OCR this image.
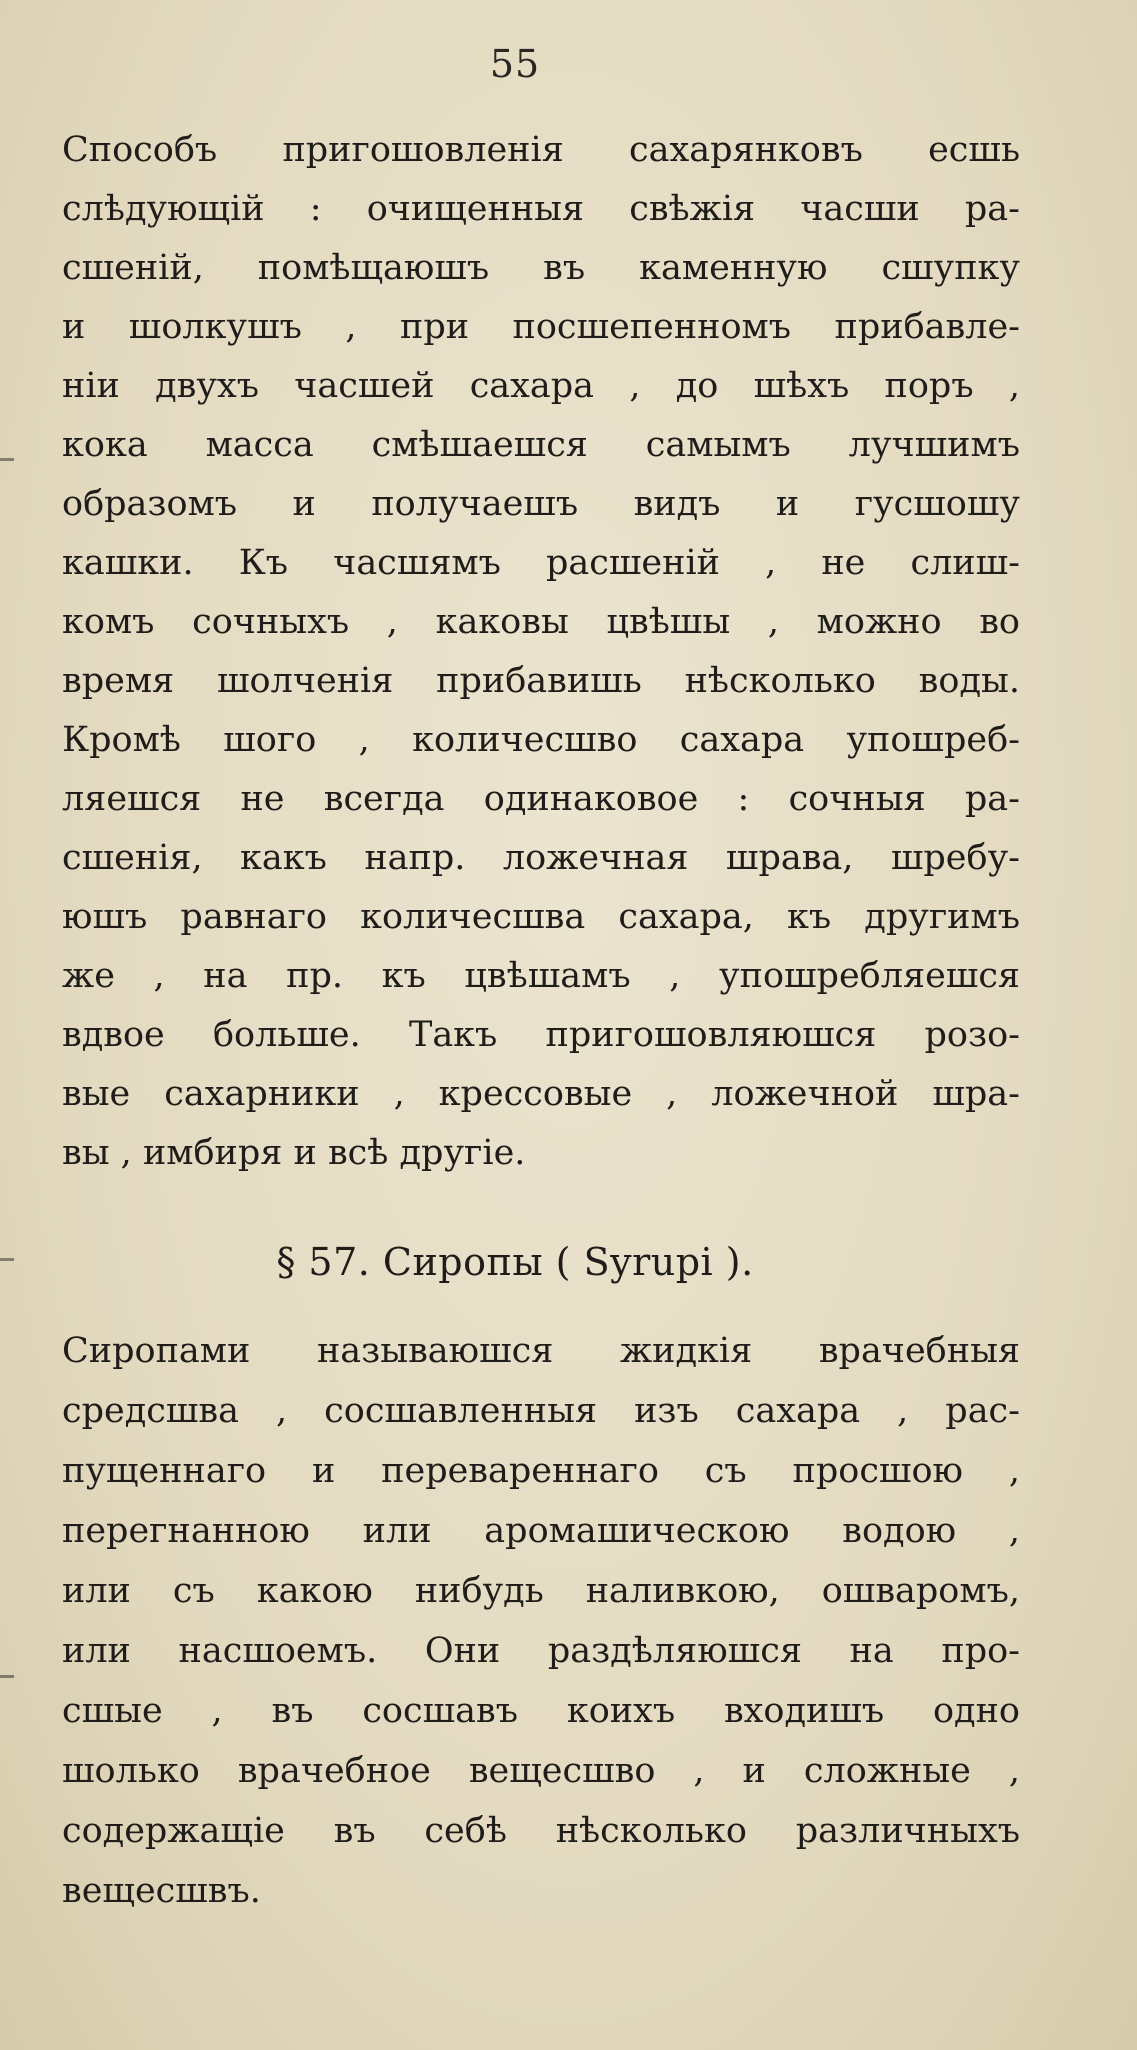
55
Способъ пригошовленія сахарянковъ есшь
слѣдующій : очищенныя свѣжія часши ра-
сшеній, помѣщаюшъ въ каменную сшупку
и шолкушъ , при посшепенномъ прибавле-
ніи двухъ часшей сахара , до шѣхъ поръ ,
кока масса смѣшаешся самымъ лучшимъ
образомъ и получаешъ видъ и гусшошу
кашки. Къ часшямъ расшеній , не слиш-
комъ сочныхъ , каковы цвѣшы , можно во
время шолченія прибавишь нѣсколько воды.
Кромѣ шого , количесшво сахара упошреб-
ляешся не всегда одинаковое : сочныя ра-
сшенія, какъ напр. ложечная шрава, шребу-
юшъ равнаго количесшва сахара, къ другимъ
же , на пр. къ цвѣшамъ , упошребляешся
вдвое больше. Такъ пригошовляюшся розо-
вые сахарники , крессовые , ложечной шра-
вы , имбиря и всѣ другіе.
§ 57. Сиропы ( Syrupi ).
Сиропами называюшся жидкія врачебныя
средсшва , сосшавленныя изъ сахара , рас-
пущеннаго и перевареннаго съ просшою ,
перегнанною или аромашическою водою ,
или съ какою нибудь наливкою, ошваромъ,
или насшоемъ. Они раздѣляюшся на про-
сшые , въ сосшавъ коихъ входишъ одно
шолько врачебное вещесшво , и сложные ,
содержащіе въ себѣ нѣсколько различныхъ
вещесшвъ.
